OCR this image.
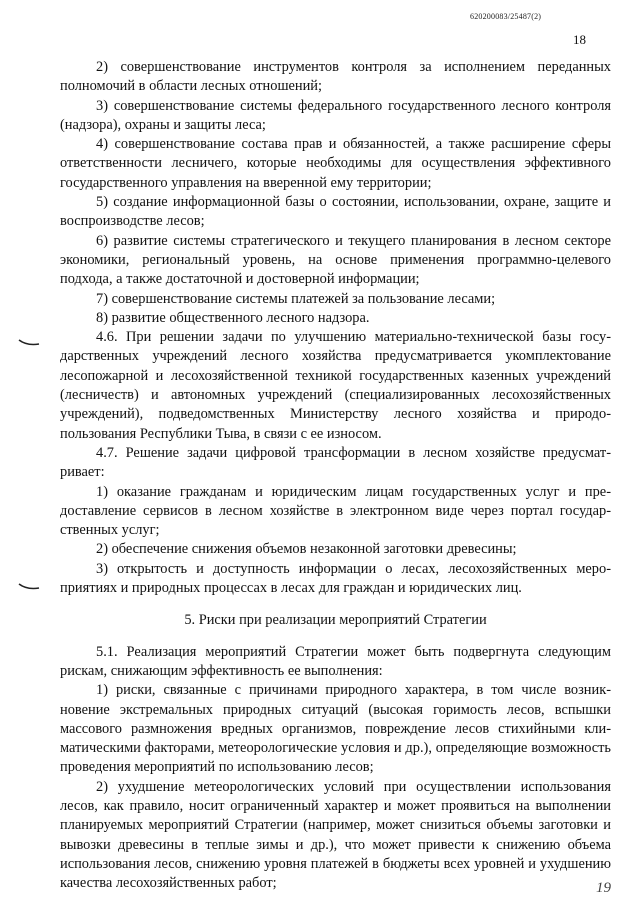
620200083/25487(2)
18

2) совершенствование инструментов контроля за исполнением переданных полномочий в области лесных отношений;

3) совершенствование системы федерального государственного лесного контроля (надзора), охраны и защиты леса;

4) совершенствование состава прав и обязанностей, а также расширение сферы ответственности лесничего, которые необходимы для осуществления эффективного государственного управления на вверенной ему территории;

5) создание информационной базы о состоянии, использовании, охране, защите и воспроизводстве лесов;

6) развитие системы стратегического и текущего планирования в лесном секторе экономики, региональный уровень, на основе применения программно-целевого подхода, а также достаточной и достоверной информации;

7) совершенствование системы платежей за пользование лесами;

8) развитие общественного лесного надзора.

4.6. При решении задачи по улучшению материально-технической базы государственных учреждений лесного хозяйства предусматривается укомплектование лесопожарной и лесохозяйственной техникой государственных казенных учреждений (лесничеств) и автономных учреждений (специализированных лесохозяйственных учреждений), подведомственных Министерству лесного хозяйства и природопользования Республики Тыва, в связи с ее износом.

4.7. Решение задачи цифровой трансформации в лесном хозяйстве предусматривает:

1) оказание гражданам и юридическим лицам государственных услуг и предоставление сервисов в лесном хозяйстве в электронном виде через портал государственных услуг;

2) обеспечение снижения объемов незаконной заготовки древесины;

3) открытость и доступность информации о лесах, лесохозяйственных мероприятиях и природных процессах в лесах для граждан и юридических лиц.

5. Риски при реализации мероприятий Стратегии

5.1. Реализация мероприятий Стратегии может быть подвергнута следующим рискам, снижающим эффективность ее выполнения:

1) риски, связанные с причинами природного характера, в том числе возникновение экстремальных природных ситуаций (высокая горимость лесов, вспышки массового размножения вредных организмов, повреждение лесов стихийными климатическими факторами, метеорологические условия и др.), определяющие возможность проведения мероприятий по использованию лесов;

2) ухудшение метеорологических условий при осуществлении использования лесов, как правило, носит ограниченный характер и может проявиться на выполнении планируемых мероприятий Стратегии (например, может снизиться объемы заготовки и вывозки древесины в теплые зимы и др.), что может привести к снижению объема использования лесов, снижению уровня платежей в бюджеты всех уровней и ухудшению качества лесохозяйственных работ;	19
